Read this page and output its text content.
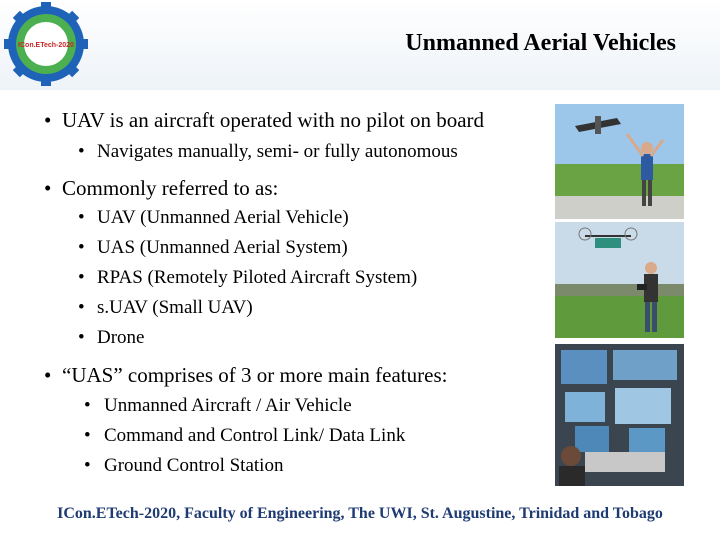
ICon.ETech-2020	Unmanned Aerial Vehicles
• UAV is an aircraft operated with no pilot on board
• Navigates manually, semi- or fully autonomous
• Commonly referred to as:
• UAV (Unmanned Aerial Vehicle)
• UAS (Unmanned Aerial System)
• RPAS (Remotely Piloted Aircraft System)
• s.UAV (Small UAV)
• Drone
• “UAS” comprises of 3 or more main features:
• Unmanned Aircraft / Air Vehicle
• Command and Control Link/ Data Link
• Ground Control Station
ICon.ETech-2020, Faculty of Engineering, The UWI, St. Augustine, Trinidad and Tobago
